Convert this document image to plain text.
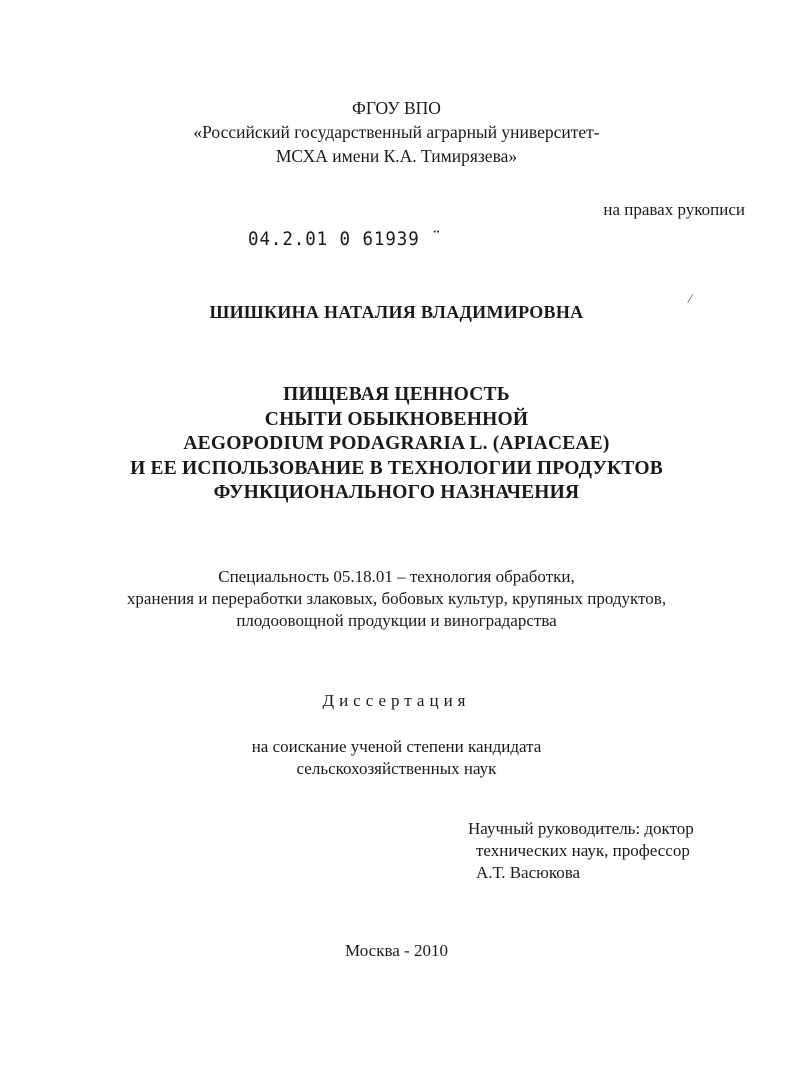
ФГОУ ВПО
«Российский государственный аграрный университет-
МСХА имени К.А. Тимирязева»
на правах рукописи
04.2.01 0 61939 ¨
/
ШИШКИНА НАТАЛИЯ ВЛАДИМИРОВНА
ПИЩЕВАЯ ЦЕННОСТЬ
СНЫТИ ОБЫКНОВЕННОЙ
AEGOPODIUM PODAGRARIA L. (APIACEAE)
И ЕЕ ИСПОЛЬЗОВАНИЕ В ТЕХНОЛОГИИ ПРОДУКТОВ
ФУНКЦИОНАЛЬНОГО НАЗНАЧЕНИЯ
Специальность 05.18.01 – технология обработки,
хранения и переработки злаковых, бобовых культур, крупяных продуктов,
плодоовощной продукции и виноградарства
Диссертация
на соискание ученой степени кандидата
сельскохозяйственных наук
Научный руководитель: доктор
технических наук, профессор
А.Т. Васюкова
Москва - 2010
